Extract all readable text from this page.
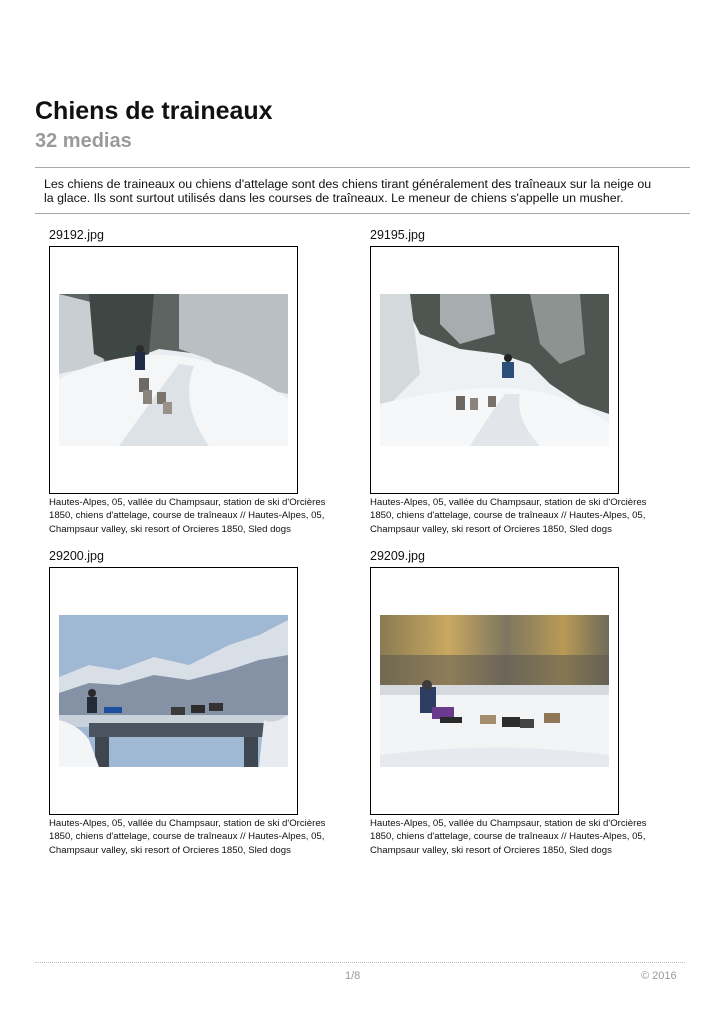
Chiens de traineaux
32 medias

Les chiens de traineaux ou chiens d'attelage sont des chiens tirant généralement des traîneaux sur la neige ou la glace. Ils sont surtout utilisés dans les courses de traîneaux. Le meneur de chiens s'appelle un musher.

29192.jpg
Hautes-Alpes, 05, vallée du Champsaur, station de ski d'Orcières 1850, chiens d'attelage, course de traîneaux // Hautes-Alpes, 05, Champsaur valley, ski resort of Orcieres 1850, Sled dogs
29195.jpg
Hautes-Alpes, 05, vallée du Champsaur, station de ski d'Orcières 1850, chiens d'attelage, course de traîneaux // Hautes-Alpes, 05, Champsaur valley, ski resort of Orcieres 1850, Sled dogs
29200.jpg
Hautes-Alpes, 05, vallée du Champsaur, station de ski d'Orcières 1850, chiens d'attelage, course de traîneaux // Hautes-Alpes, 05, Champsaur valley, ski resort of Orcieres 1850, Sled dogs
29209.jpg
Hautes-Alpes, 05, vallée du Champsaur, station de ski d'Orcières 1850, chiens d'attelage, course de traîneaux // Hautes-Alpes, 05, Champsaur valley, ski resort of Orcieres 1850, Sled dogs
1/8	© 2016
